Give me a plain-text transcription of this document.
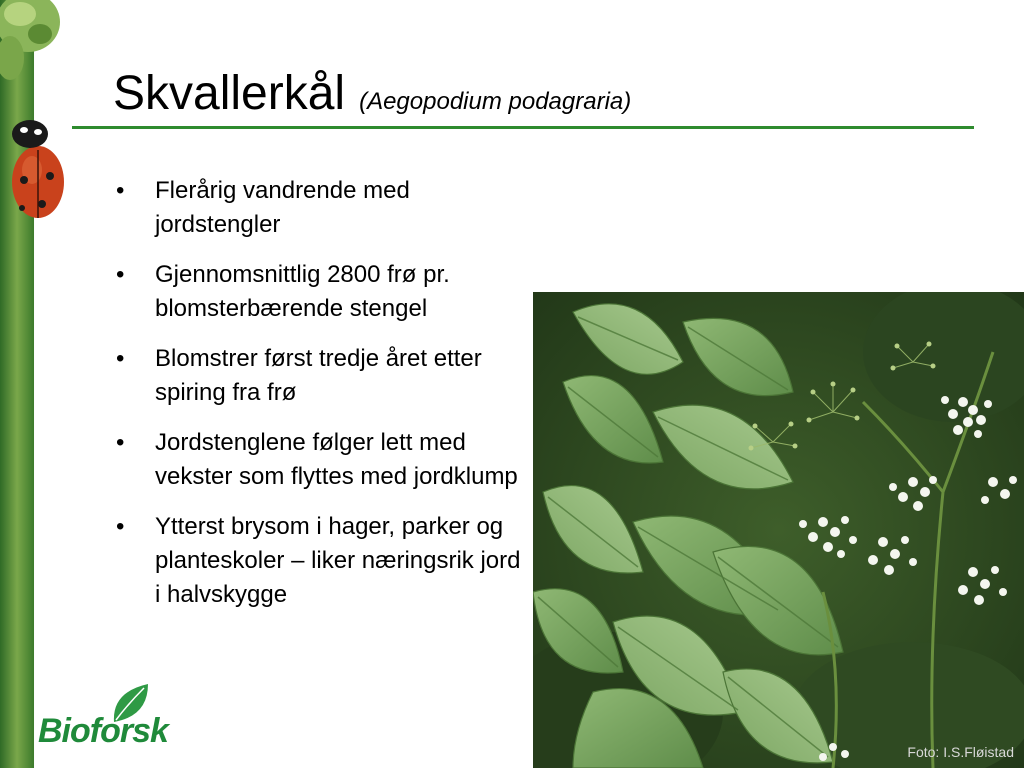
Skvallerkål (Aegopodium podagraria)
• Flerårig vandrende med jordstengler
• Gjennomsnittlig 2800 frø pr. blomsterbærende stengel
• Blomstrer først tredje året etter spiring fra frø
• Jordstenglene følger lett med vekster som flyttes med jordklump
• Ytterst brysom i hager, parker og planteskoler – liker næringsrik jord i halvskygge
Foto: I.S.Fløistad
Bioforsk
